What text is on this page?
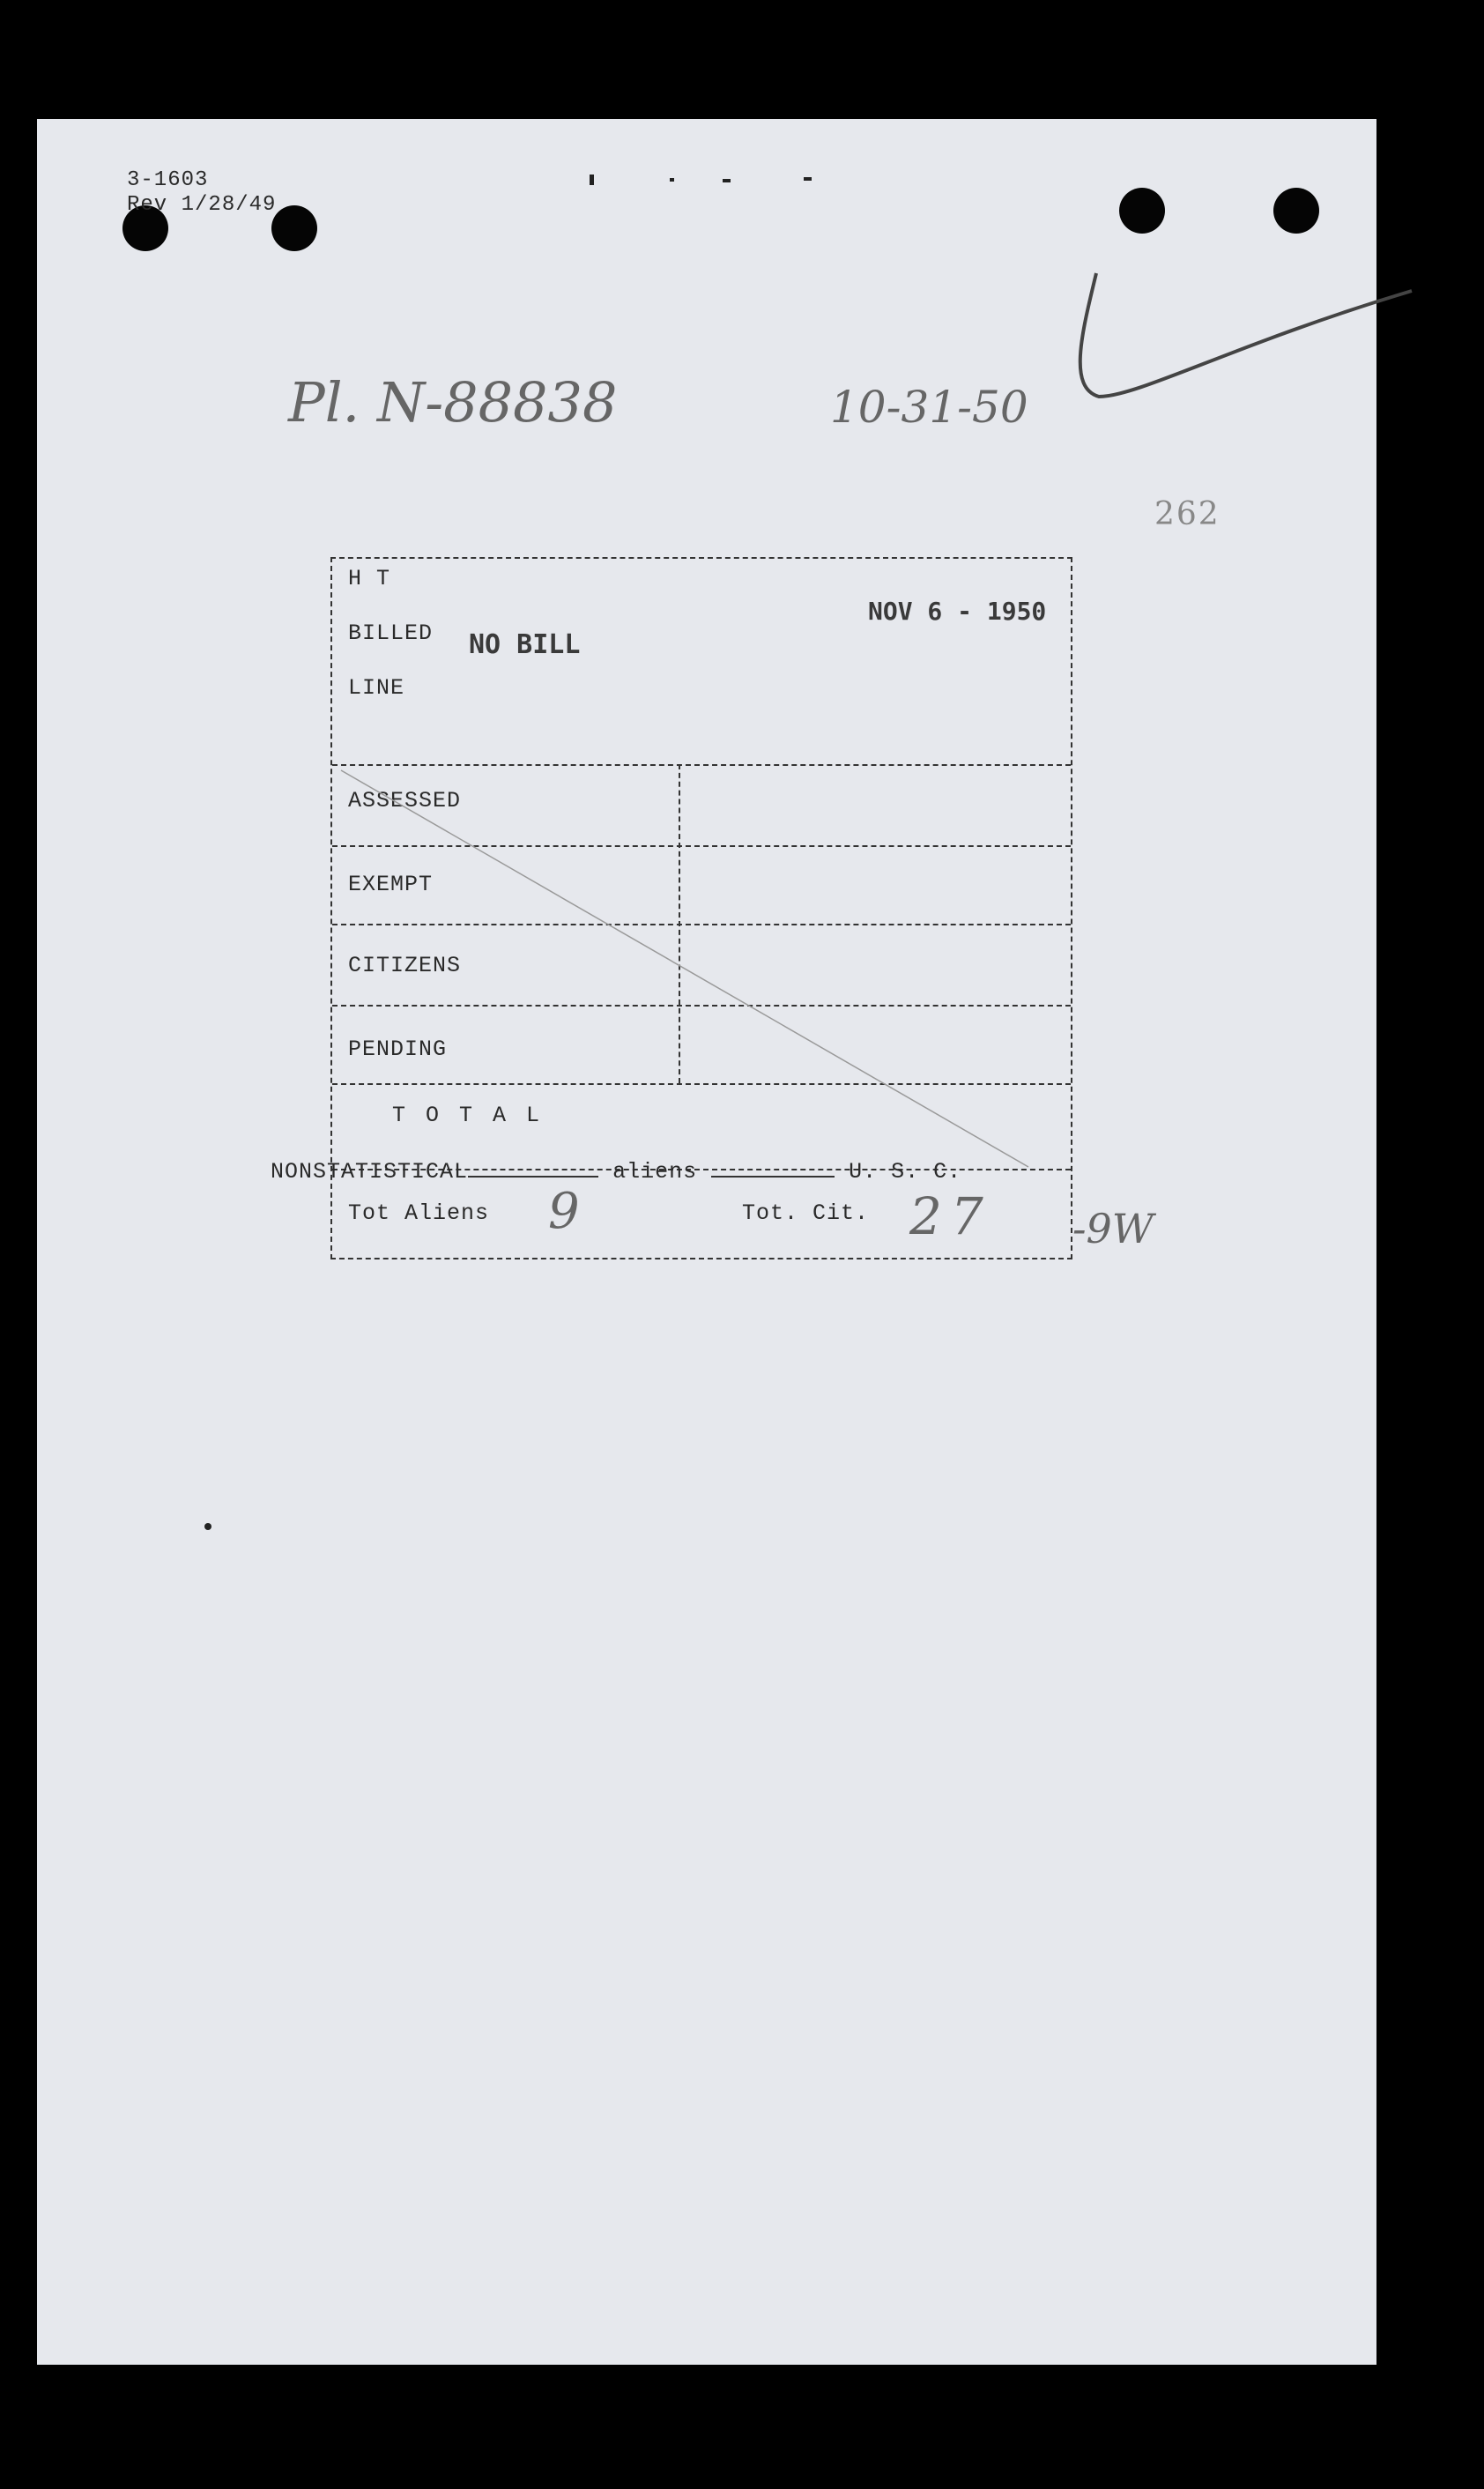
3-1603
Rev 1/28/49
Pl. N-88838	10-31-50
262
H T
BILLED NO BILL
LINE
NOV 6 - 1950
ASSESSED
EXEMPT
CITIZENS
PENDING
T O T A L
Tot Aliens 9	Tot. Cit. 27 -9W
NONSTATISTICAL	aliens	U. S. C.
